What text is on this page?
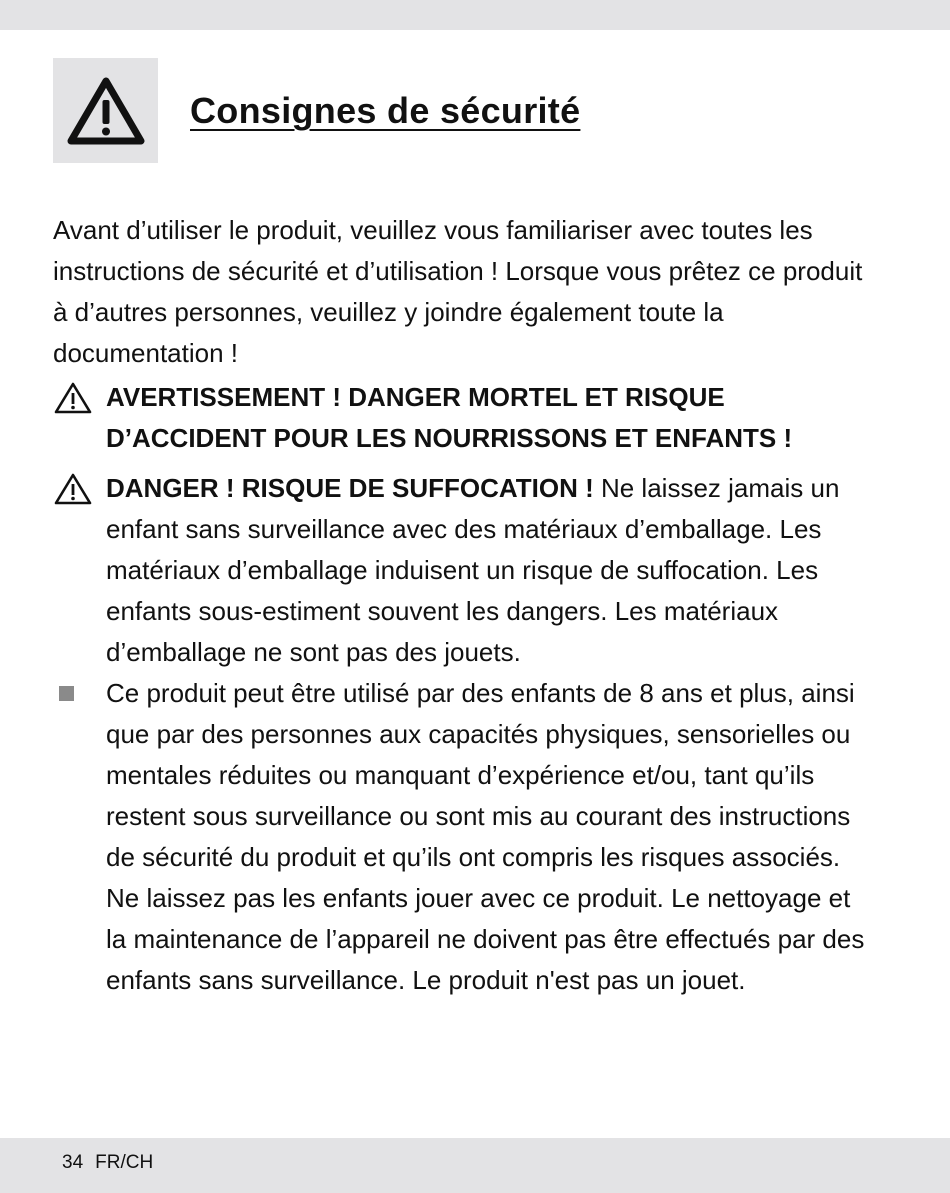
Consignes de sécurité

Avant d’utiliser le produit, veuillez vous familiariser avec toutes les instructions de sécurité et d’utilisation ! Lorsque vous prêtez ce produit à d’autres personnes, veuillez y joindre également toute la documentation !

AVERTISSEMENT ! DANGER MORTEL ET RISQUE D’ACCIDENT POUR LES NOURRISSONS ET ENFANTS !

DANGER ! RISQUE DE SUFFOCATION ! Ne laissez jamais un enfant sans surveillance avec des matériaux d’emballage. Les matériaux d’emballage induisent un risque de suffocation. Les enfants sous-estiment souvent les dangers. Les matériaux d’emballage ne sont pas des jouets.

Ce produit peut être utilisé par des enfants de 8 ans et plus, ainsi que par des personnes aux capacités physiques, sensorielles ou mentales réduites ou manquant d’expérience et/ou, tant qu’ils restent sous surveillance ou sont mis au courant des instructions de sécurité du produit et qu’ils ont compris les risques associés. Ne laissez pas les enfants jouer avec ce produit. Le nettoyage et la maintenance de l’appareil ne doivent pas être effectués par des enfants sans surveillance. Le produit n'est pas un jouet.

34 FR/CH
